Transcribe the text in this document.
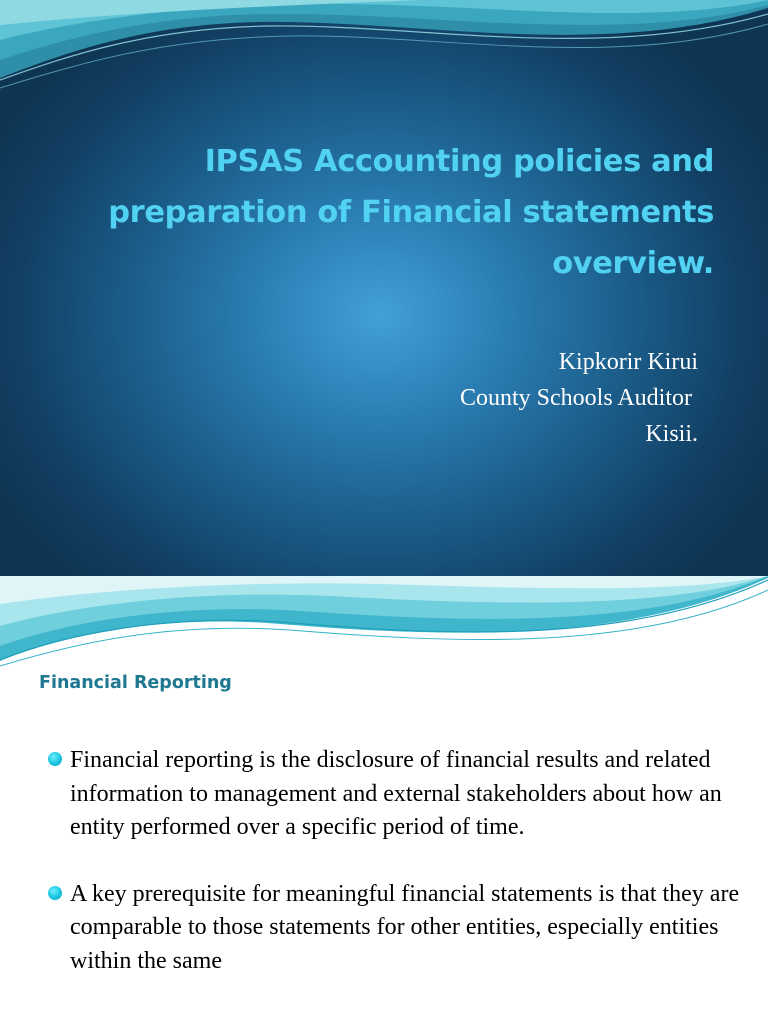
IPSAS Accounting policies and
preparation of Financial statements
overview.
Kipkorir Kirui
County Schools Auditor
Kisii.
Financial Reporting
Financial reporting is the disclosure of financial results and related information to management and external stakeholders about how an entity performed over a specific period of time.
A key prerequisite for meaningful financial statements is that they are comparable to those statements for other entities, especially entities within the same
